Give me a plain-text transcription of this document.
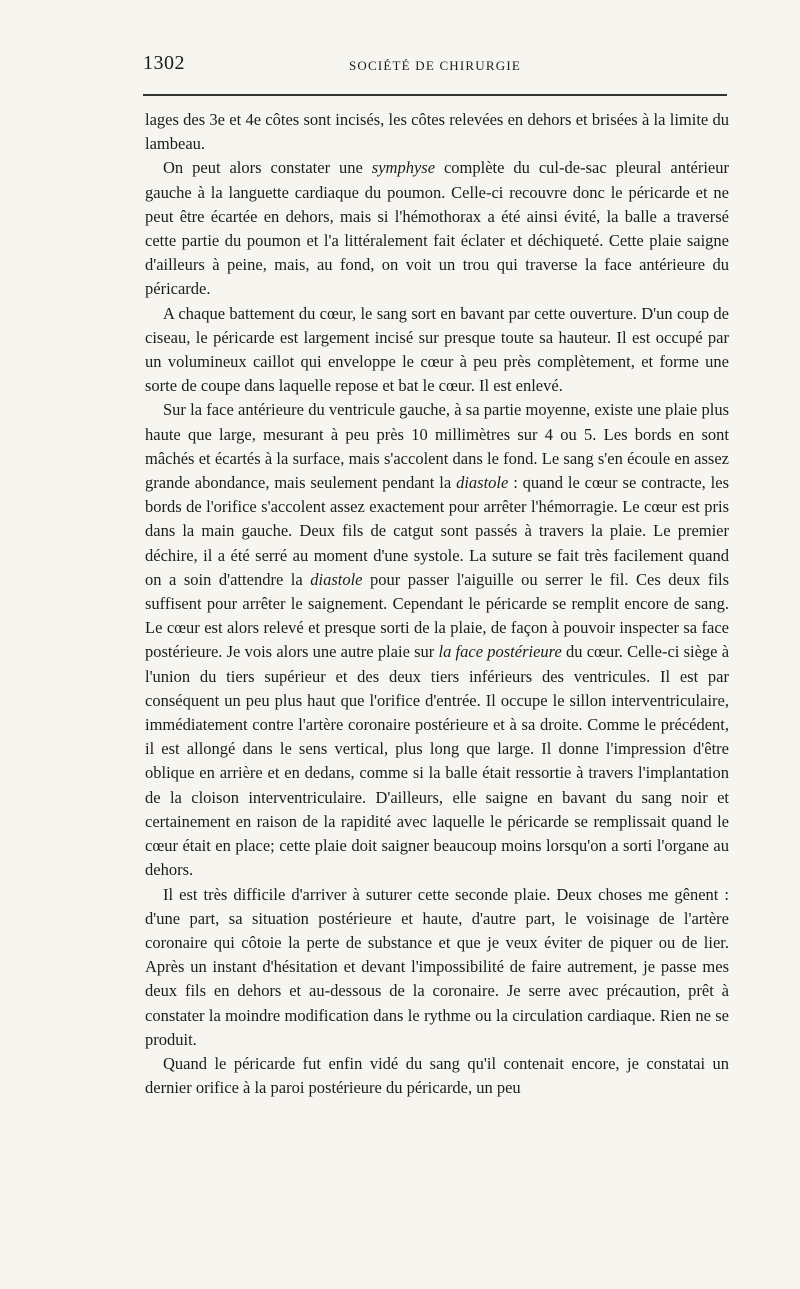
1302	SOCIÉTÉ DE CHIRURGIE

lages des 3e et 4e côtes sont incisés, les côtes relevées en dehors et brisées à la limite du lambeau.

On peut alors constater une symphyse complète du cul-de-sac pleural antérieur gauche à la languette cardiaque du poumon. Celle-ci recouvre donc le péricarde et ne peut être écartée en dehors, mais si l'hémothorax a été ainsi évité, la balle a traversé cette partie du poumon et l'a littéralement fait éclater et déchiqueté. Cette plaie saigne d'ailleurs à peine, mais, au fond, on voit un trou qui traverse la face antérieure du péricarde.

A chaque battement du cœur, le sang sort en bavant par cette ouverture. D'un coup de ciseau, le péricarde est largement incisé sur presque toute sa hauteur. Il est occupé par un volumineux caillot qui enveloppe le cœur à peu près complètement, et forme une sorte de coupe dans laquelle repose et bat le cœur. Il est enlevé.

Sur la face antérieure du ventricule gauche, à sa partie moyenne, existe une plaie plus haute que large, mesurant à peu près 10 millimètres sur 4 ou 5. Les bords en sont mâchés et écartés à la surface, mais s'accolent dans le fond. Le sang s'en écoule en assez grande abondance, mais seulement pendant la diastole : quand le cœur se contracte, les bords de l'orifice s'accolent assez exactement pour arrêter l'hémorragie. Le cœur est pris dans la main gauche. Deux fils de catgut sont passés à travers la plaie. Le premier déchire, il a été serré au moment d'une systole. La suture se fait très facilement quand on a soin d'attendre la diastole pour passer l'aiguille ou serrer le fil. Ces deux fils suffisent pour arrêter le saignement. Cependant le péricarde se remplit encore de sang. Le cœur est alors relevé et presque sorti de la plaie, de façon à pouvoir inspecter sa face postérieure. Je vois alors une autre plaie sur la face postérieure du cœur. Celle-ci siège à l'union du tiers supérieur et des deux tiers inférieurs des ventricules. Il est par conséquent un peu plus haut que l'orifice d'entrée. Il occupe le sillon interventriculaire, immédiatement contre l'artère coronaire postérieure et à sa droite. Comme le précédent, il est allongé dans le sens vertical, plus long que large. Il donne l'impression d'être oblique en arrière et en dedans, comme si la balle était ressortie à travers l'implantation de la cloison interventriculaire. D'ailleurs, elle saigne en bavant du sang noir et certainement en raison de la rapidité avec laquelle le péricarde se remplissait quand le cœur était en place; cette plaie doit saigner beaucoup moins lorsqu'on a sorti l'organe au dehors.

Il est très difficile d'arriver à suturer cette seconde plaie. Deux choses me gênent : d'une part, sa situation postérieure et haute, d'autre part, le voisinage de l'artère coronaire qui côtoie la perte de substance et que je veux éviter de piquer ou de lier. Après un instant d'hésitation et devant l'impossibilité de faire autrement, je passe mes deux fils en dehors et au-dessous de la coronaire. Je serre avec précaution, prêt à constater la moindre modification dans le rythme ou la circulation cardiaque. Rien ne se produit.

Quand le péricarde fut enfin vidé du sang qu'il contenait encore, je constatai un dernier orifice à la paroi postérieure du péricarde, un peu
